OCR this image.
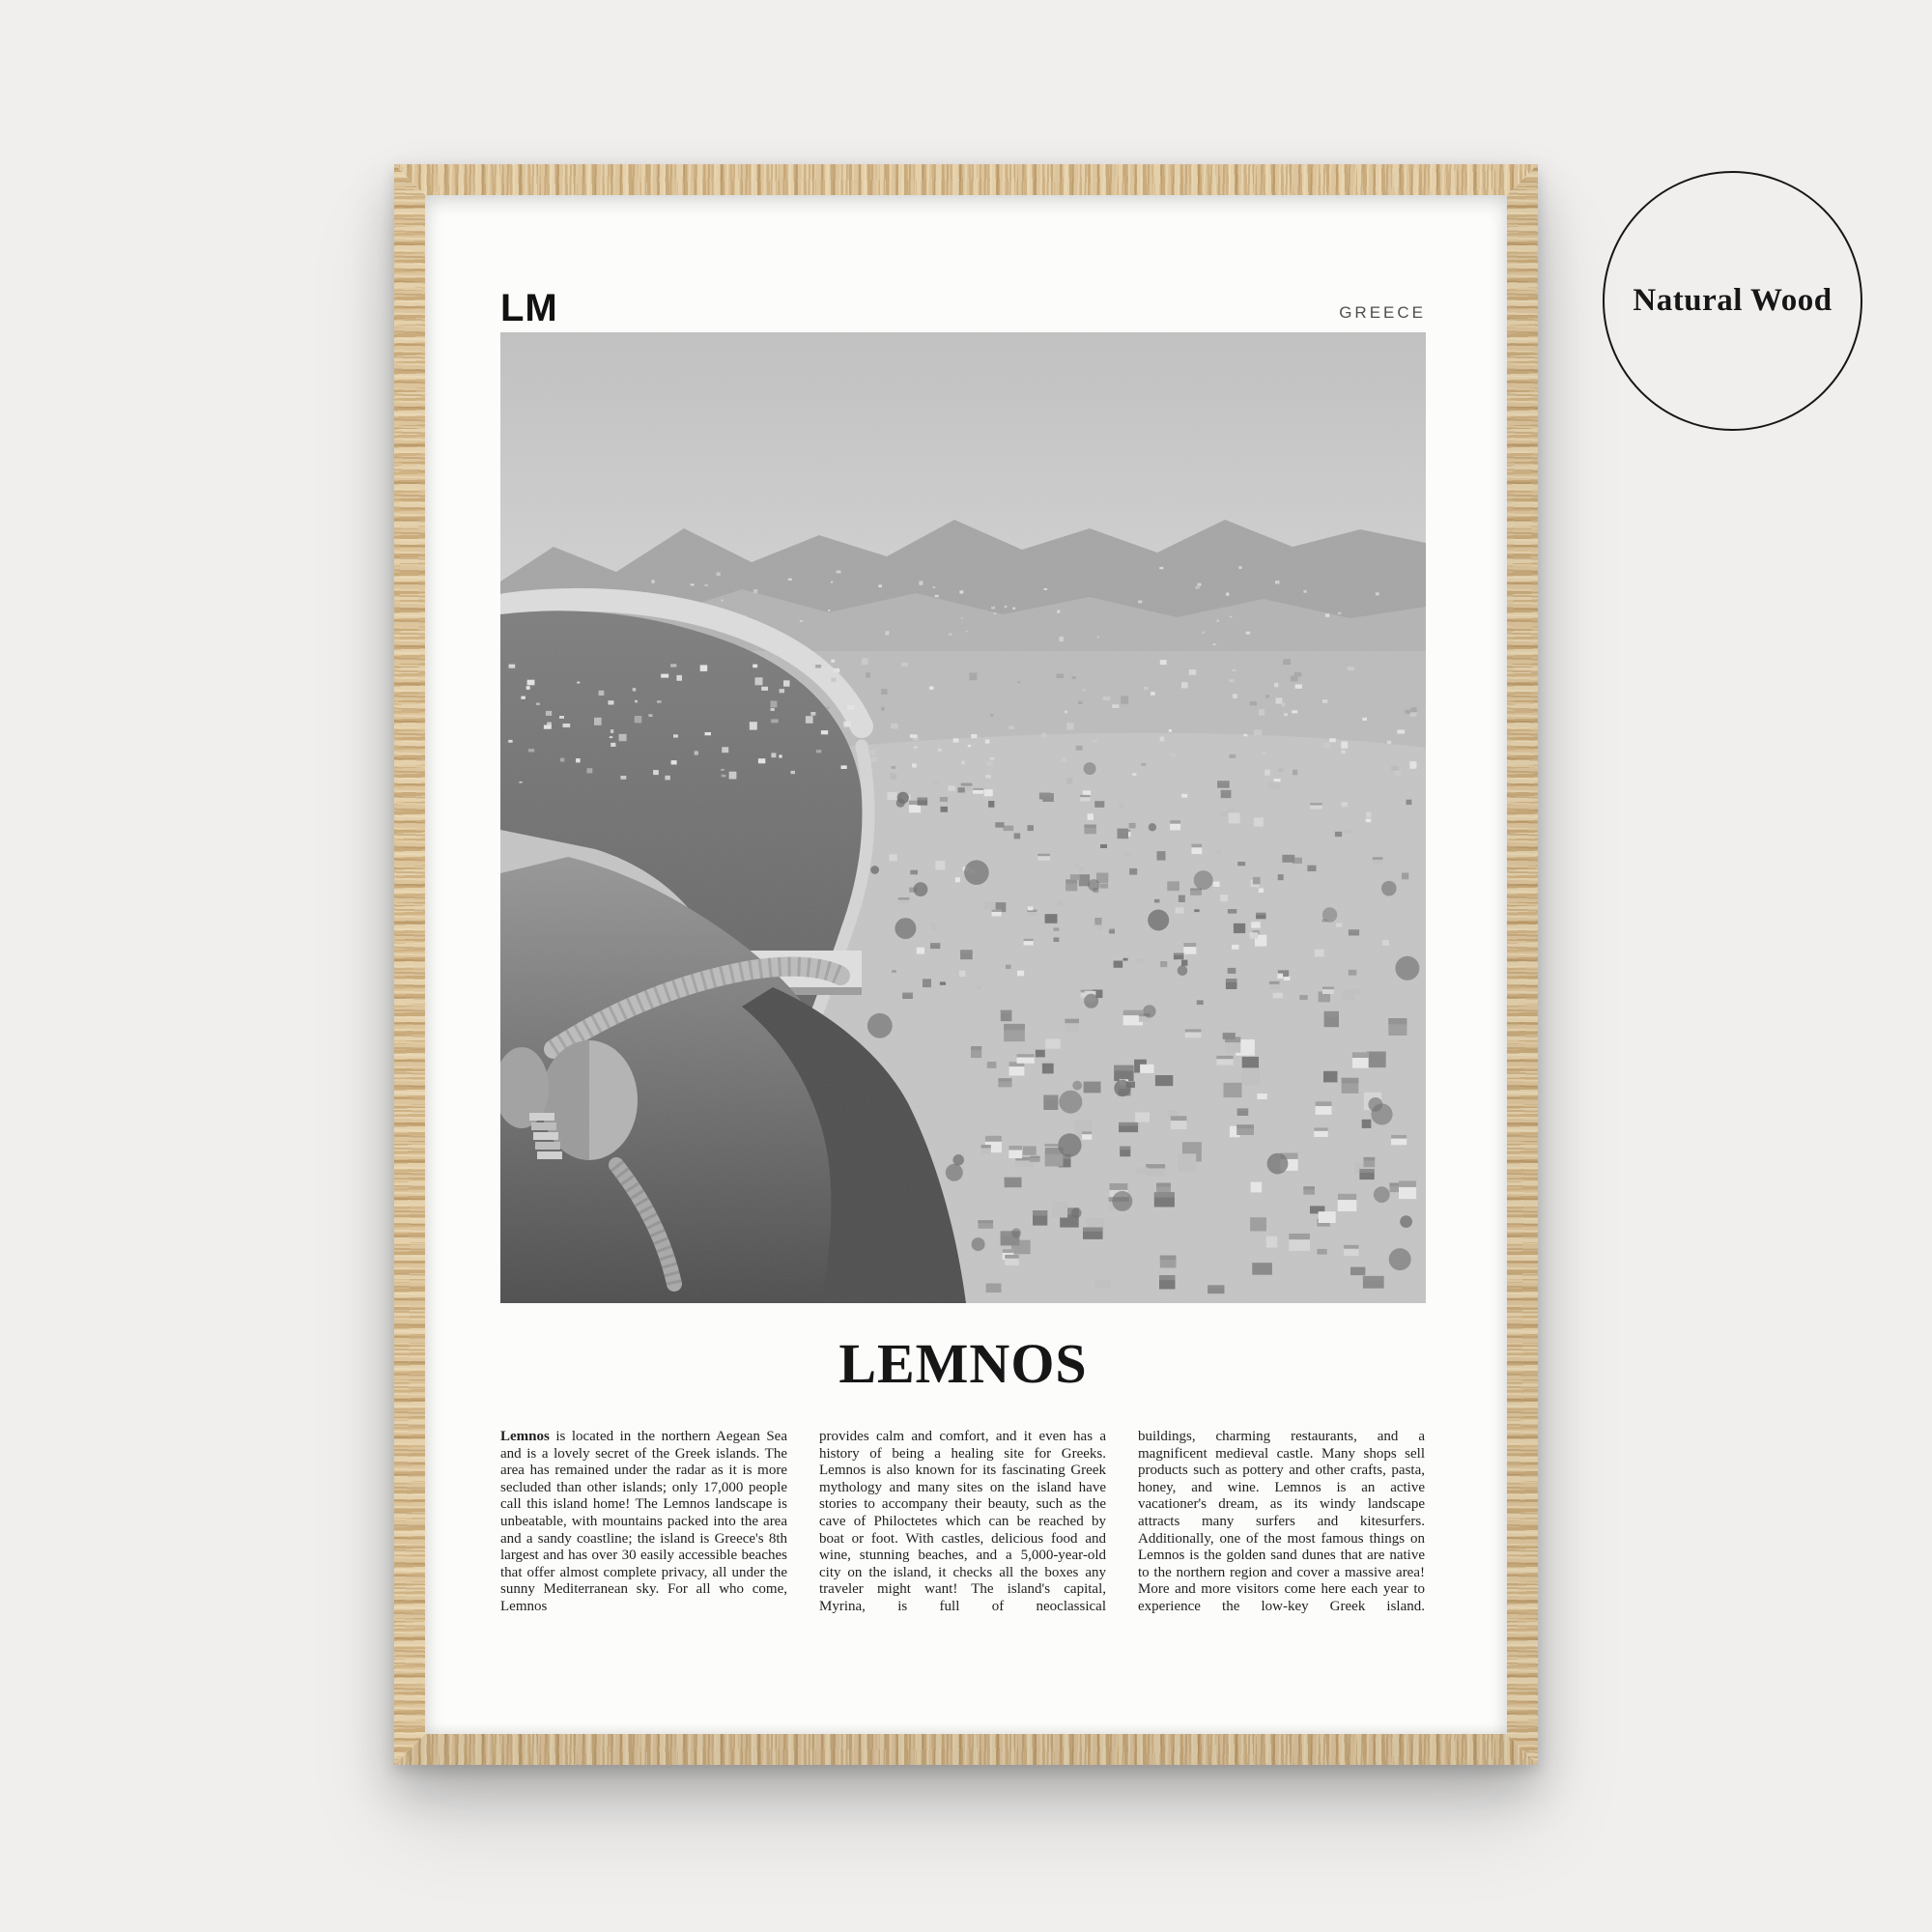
LM	GREECE
LEMNOS

Lemnos is located in the northern Aegean Sea and is a lovely secret of the Greek islands. The area has remained under the radar as it is more secluded than other islands; only 17,000 people call this island home! The Lemnos landscape is unbeatable, with mountains packed into the area and a sandy coastline; the island is Greece's 8th largest and has over 30 easily accessible beaches that offer almost complete privacy, all under the sunny Mediterranean sky. For all who come, Lemnos

provides calm and comfort, and it even has a history of being a healing site for Greeks. Lemnos is also known for its fascinating Greek mythology and many sites on the island have stories to accompany their beauty, such as the cave of Philoctetes which can be reached by boat or foot. With castles, delicious food and wine, stunning beaches, and a 5,000-year-old city on the island, it checks all the boxes any traveler might want! The island's capital, Myrina, is full of neoclassical

buildings, charming restaurants, and a magnificent medieval castle. Many shops sell products such as pottery and other crafts, pasta, honey, and wine. Lemnos is an active vacationer's dream, as its windy landscape attracts many surfers and kitesurfers. Additionally, one of the most famous things on Lemnos is the golden sand dunes that are native to the northern region and cover a massive area! More and more visitors come here each year to experience the low-key Greek island.

Natural Wood
